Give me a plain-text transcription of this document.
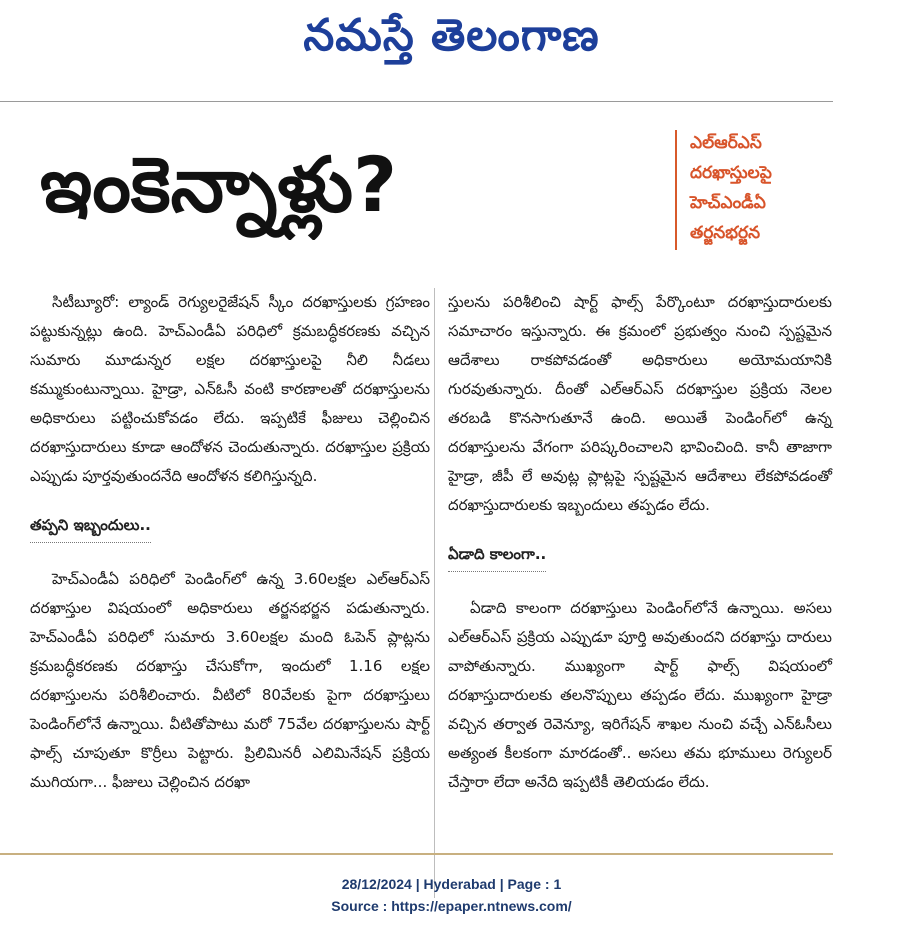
నమస్తే తెలంగాణ
ఇంకెన్నాళ్లు?	ఎల్‌ఆర్‌ఎస్
దరఖాస్తులపై
హెచ్‌ఎండీఏ
తర్జనభర్జన

సిటీబ్యూరో: ల్యాండ్‌ రెగ్యులరైజేషన్‌ స్కీం దరఖాస్తులకు గ్రహణం పట్టుకున్నట్లు ఉంది. హెచ్‌ఎండీఏ పరిధిలో క్రమబద్ధీకరణకు వచ్చిన సుమారు మూడున్నర లక్షల దరఖాస్తులపై నీలి నీడలు కమ్ముకుంటున్నాయి. హైడ్రా, ఎన్‌ఓసీ వంటి కారణాలతో దరఖాస్తులను అధికారులు పట్టించుకోవడం లేదు. ఇప్పటికే ఫీజులు చెల్లించిన దరఖాస్తుదారులు కూడా ఆందోళన చెందుతున్నారు. దరఖాస్తుల ప్రక్రియ ఎప్పుడు పూర్తవుతుందనేది ఆందోళన కలిగిస్తున్నది.

తప్పని ఇబ్బందులు..

హెచ్‌ఎండీఏ పరిధిలో పెండింగ్‌లో ఉన్న 3.60లక్షల ఎల్‌ఆర్‌ఎస్‌ దరఖాస్తుల విషయంలో అధికారులు తర్జనభర్జన పడుతున్నారు. హెచ్‌ఎండీఏ పరిధిలో సుమారు 3.60లక్షల మంది ఓపెన్‌ ప్లాట్లను క్రమబద్ధీకరణకు దరఖాస్తు చేసుకోగా, ఇందులో 1.16 లక్షల దరఖాస్తులను పరిశీలించారు. వీటిలో 80వేలకు పైగా దరఖాస్తులు పెండింగ్‌లోనే ఉన్నాయి. వీటితోపాటు మరో 75వేల దరఖాస్తులను షార్ట్‌ ఫాల్స్‌ చూపుతూ కొర్రీలు పెట్టారు. ప్రిలిమినరీ ఎలిమినేషన్‌ ప్రక్రియ ముగియగా... ఫీజులు చెల్లించిన దరఖా

స్తులను పరిశీలించి షార్ట్‌ ఫాల్స్‌ పేర్కొంటూ దరఖాస్తుదారులకు సమాచారం ఇస్తున్నారు. ఈ క్రమంలో ప్రభుత్వం నుంచి స్పష్టమైన ఆదేశాలు రాకపోవడంతో అధికారులు అయోమయానికి గురవుతున్నారు. దీంతో ఎల్‌ఆర్‌ఎస్‌ దరఖాస్తుల ప్రక్రియ నెలల తరబడి కొనసాగుతూనే ఉంది. అయితే పెండింగ్‌లో ఉన్న దరఖాస్తులను వేగంగా పరిష్కరించాలని భావించింది. కానీ తాజాగా హైడ్రా, జీపీ లే అవుట్ల ప్లాట్లపై స్పష్టమైన ఆదేశాలు లేకపోవడంతో దరఖాస్తుదారులకు ఇబ్బందులు తప్పడం లేదు.

ఏడాది కాలంగా..

ఏడాది కాలంగా దరఖాస్తులు పెండింగ్‌లోనే ఉన్నాయి. అసలు ఎల్‌ఆర్‌ఎస్‌ ప్రక్రియ ఎప్పుడూ పూర్తి అవుతుందని దరఖాస్తు దారులు వాపోతున్నారు. ముఖ్యంగా షార్ట్‌ ఫాల్స్‌ విషయంలో దరఖాస్తుదారులకు తలనొప్పులు తప్పడం లేదు. ముఖ్యంగా హైడ్రా వచ్చిన తర్వాత రెవెన్యూ, ఇరిగేషన్‌ శాఖల నుంచి వచ్చే ఎన్‌ఓసీలు అత్యంత కీలకంగా మారడంతో.. అసలు తమ భూములు రెగ్యులర్‌ చేస్తారా లేదా అనేది ఇప్పటికీ తెలియడం లేదు.

28/12/2024 | Hyderabad | Page : 1
Source : https://epaper.ntnews.com/
